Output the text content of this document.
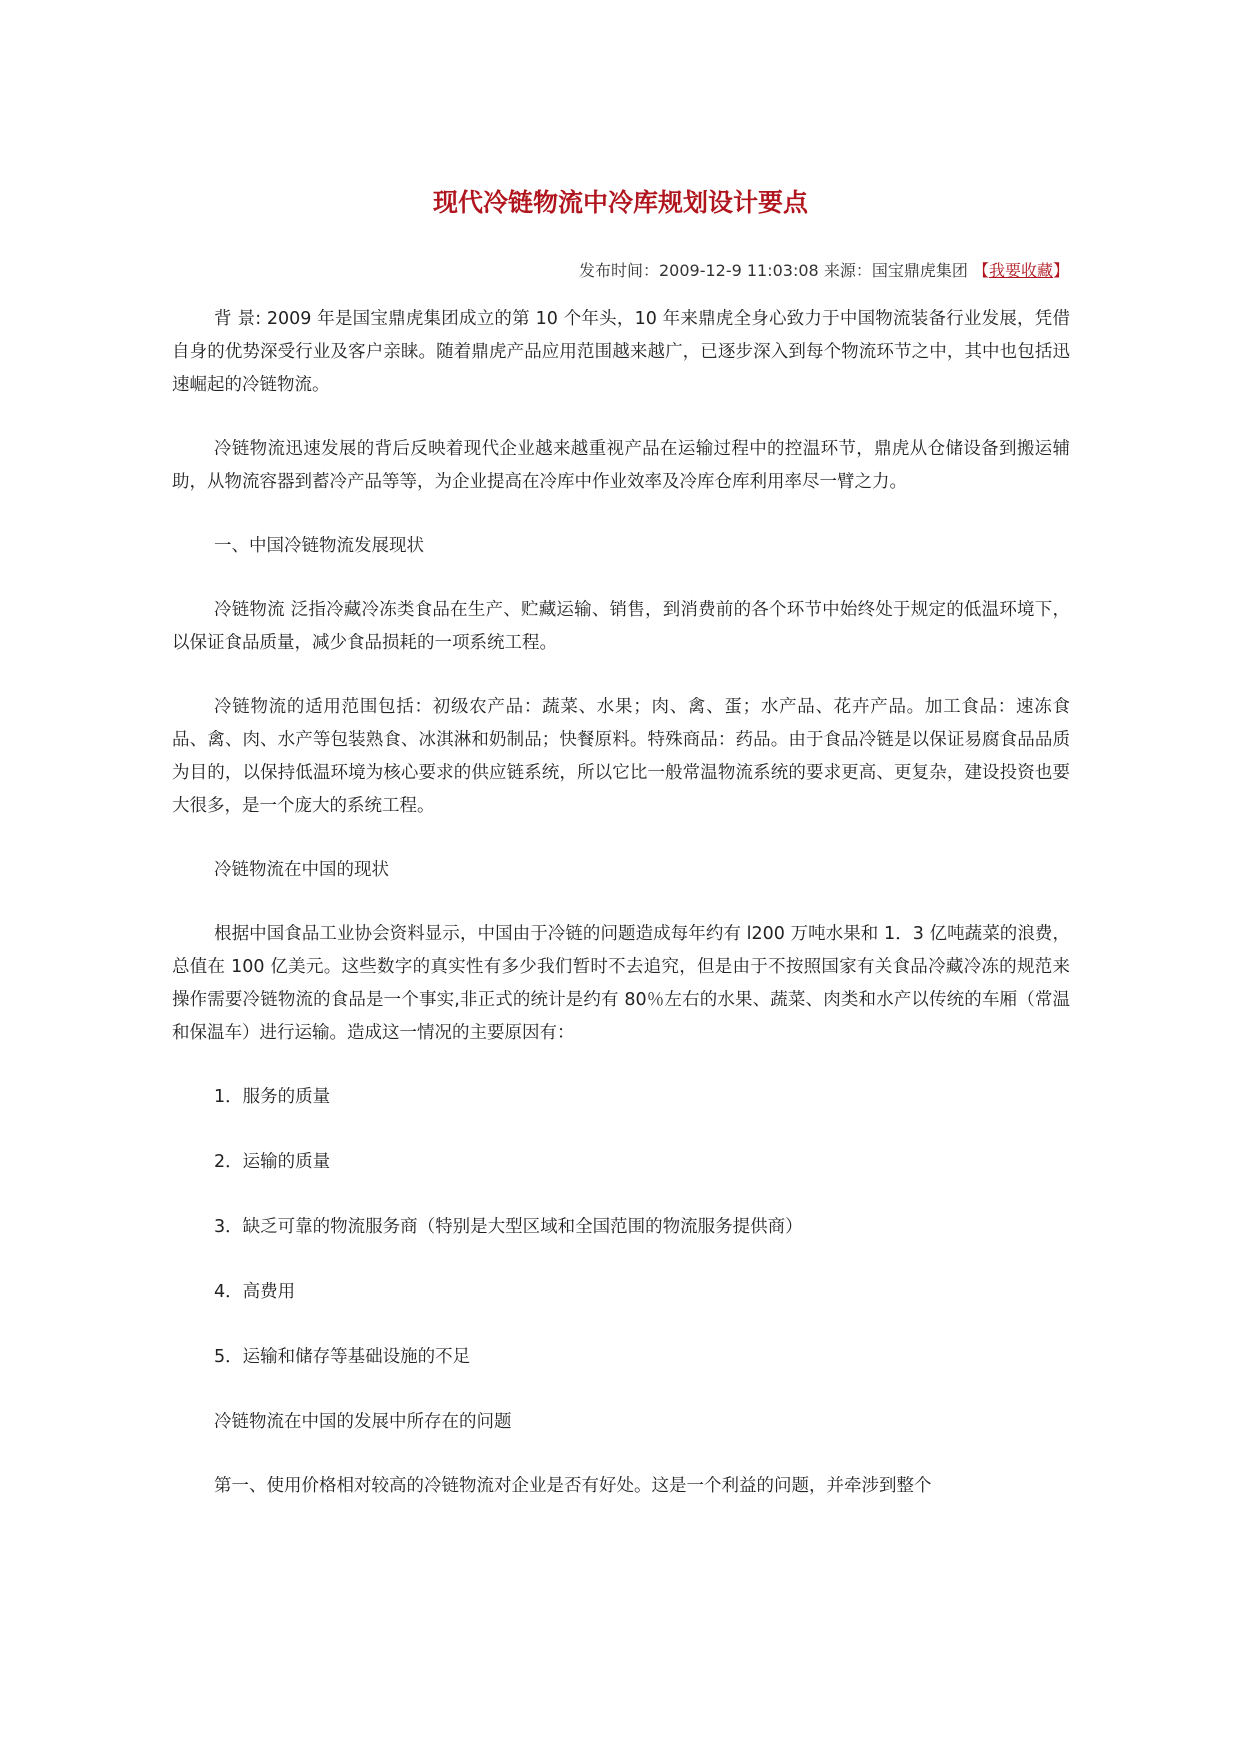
现代冷链物流中冷库规划设计要点
发布时间：2009-12-9 11:03:08 来源：国宝鼎虎集团 【我要收藏】

背 景: 2009 年是国宝鼎虎集团成立的第 10 个年头，10 年来鼎虎全身心致力于中国物流装备行业发展，凭借自身的优势深受行业及客户亲睐。随着鼎虎产品应用范围越来越广，已逐步深入到每个物流环节之中，其中也包括迅速崛起的冷链物流。

冷链物流迅速发展的背后反映着现代企业越来越重视产品在运输过程中的控温环节，鼎虎从仓储设备到搬运辅助，从物流容器到蓄冷产品等等，为企业提高在冷库中作业效率及冷库仓库利用率尽一臂之力。

一、中国冷链物流发展现状

冷链物流 泛指冷藏冷冻类食品在生产、贮藏运输、销售，到消费前的各个环节中始终处于规定的低温环境下，以保证食品质量，减少食品损耗的一项系统工程。

冷链物流的适用范围包括：初级农产品：蔬菜、水果；肉、禽、蛋；水产品、花卉产品。加工食品：速冻食品、禽、肉、水产等包装熟食、冰淇淋和奶制品；快餐原料。特殊商品：药品。由于食品冷链是以保证易腐食品品质为目的，以保持低温环境为核心要求的供应链系统，所以它比一般常温物流系统的要求更高、更复杂，建设投资也要大很多，是一个庞大的系统工程。

冷链物流在中国的现状

根据中国食品工业协会资料显示，中国由于冷链的问题造成每年约有 l200 万吨水果和 1．3 亿吨蔬菜的浪费，总值在 100 亿美元。这些数字的真实性有多少我们暂时不去追究，但是由于不按照国家有关食品冷藏冷冻的规范来操作需要冷链物流的食品是一个事实,非正式的统计是约有 80％左右的水果、蔬菜、肉类和水产以传统的车厢（常温和保温车）进行运输。造成这一情况的主要原因有：

1．服务的质量

2．运输的质量

3．缺乏可靠的物流服务商（特别是大型区域和全国范围的物流服务提供商）

4．高费用

5．运输和储存等基础设施的不足

冷链物流在中国的发展中所存在的问题

第一、使用价格相对较高的冷链物流对企业是否有好处。这是一个利益的问题，并牵涉到整个
